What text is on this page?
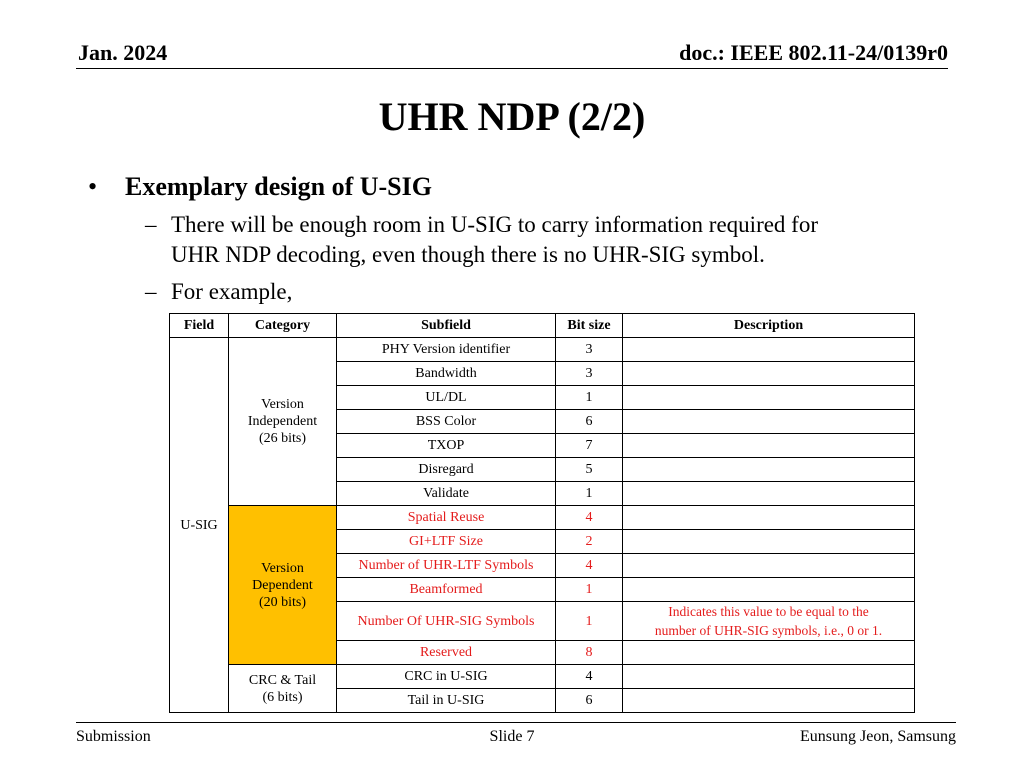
Jan. 2024	doc.: IEEE 802.11-24/0139r0
UHR NDP (2/2)
• Exemplary design of U-SIG
– There will be enough room in U-SIG to carry information required for
UHR NDP decoding, even though there is no UHR-SIG symbol.
– For example,
Field	Category	Subfield	Bit size	Description
U-SIG	Version
Independent
(26 bits)	PHY Version identifier	3	
		Bandwidth	3	
		UL/DL	1	
		BSS Color	6	
		TXOP	7	
		Disregard	5	
		Validate	1	

	Version
Dependent
(20 bits)	Spatial Reuse	4	
		GI+LTF Size	2	
		Number of UHR-LTF Symbols	4	
		Beamformed	1	
		Number Of UHR-SIG Symbols	1	Indicates this value to be equal to the
number of UHR-SIG symbols, i.e., 0 or 1.

		Reserved	8	

	CRC & Tail
(6 bits)	CRC in U-SIG	4	
		Tail in U-SIG	6	
Submission	Slide 7	Eunsung Jeon, Samsung
